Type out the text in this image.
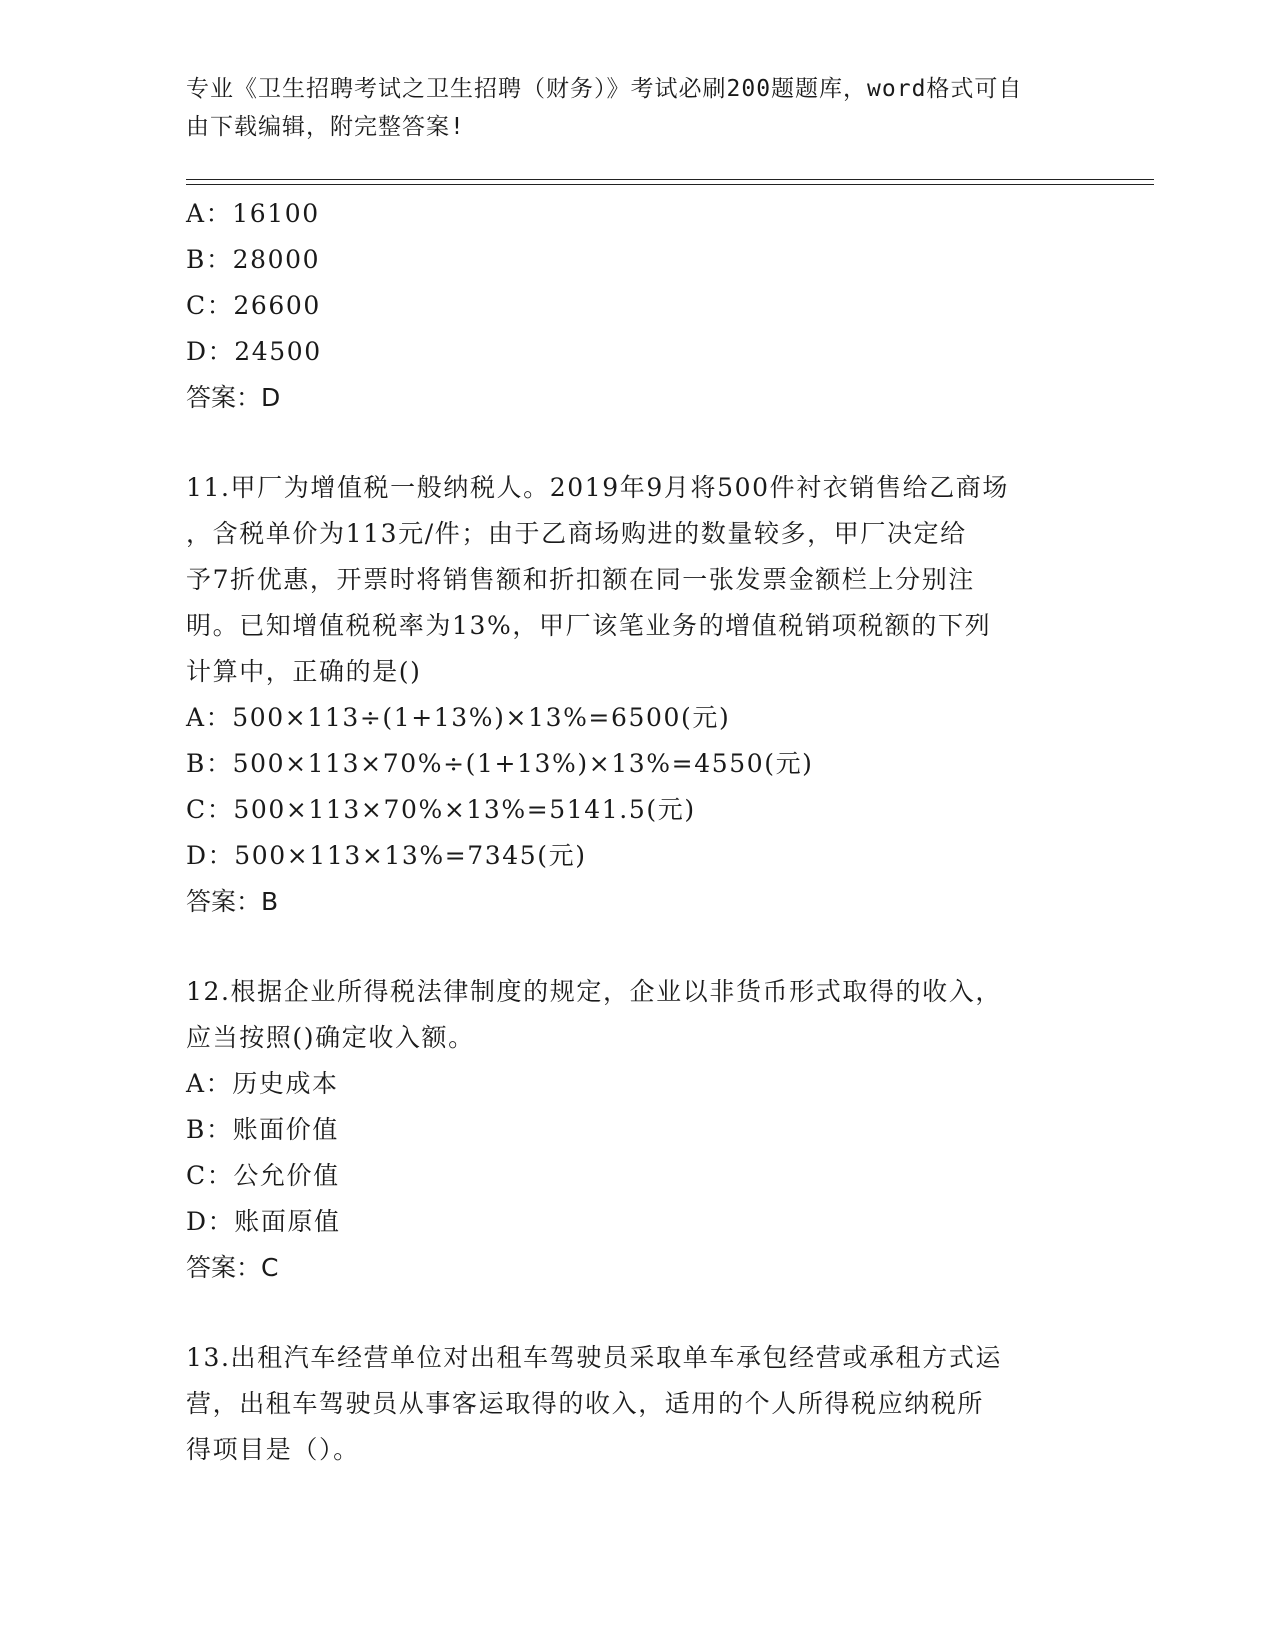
专业《卫生招聘考试之卫生招聘（财务）》考试必刷200题题库，word格式可自
由下载编辑，附完整答案!
A：16100
B：28000
C：26600
D：24500
答案：D
11.甲厂为增值税一般纳税人。2019年9月将500件衬衣销售给乙商场
，含税单价为113元/件；由于乙商场购进的数量较多，甲厂决定给
予7折优惠，开票时将销售额和折扣额在同一张发票金额栏上分别注
明。已知增值税税率为13%，甲厂该笔业务的增值税销项税额的下列
计算中，正确的是()
A：500×113÷(1+13%)×13%=6500(元)
B：500×113×70%÷(1+13%)×13%=4550(元)
C：500×113×70%×13%=5141.5(元)
D：500×113×13%=7345(元)
答案：B
12.根据企业所得税法律制度的规定，企业以非货币形式取得的收入，
应当按照()确定收入额。
A：历史成本
B：账面价值
C：公允价值
D：账面原值
答案：C
13.出租汽车经营单位对出租车驾驶员采取单车承包经营或承租方式运
营，出租车驾驶员从事客运取得的收入，适用的个人所得税应纳税所
得项目是（）。
